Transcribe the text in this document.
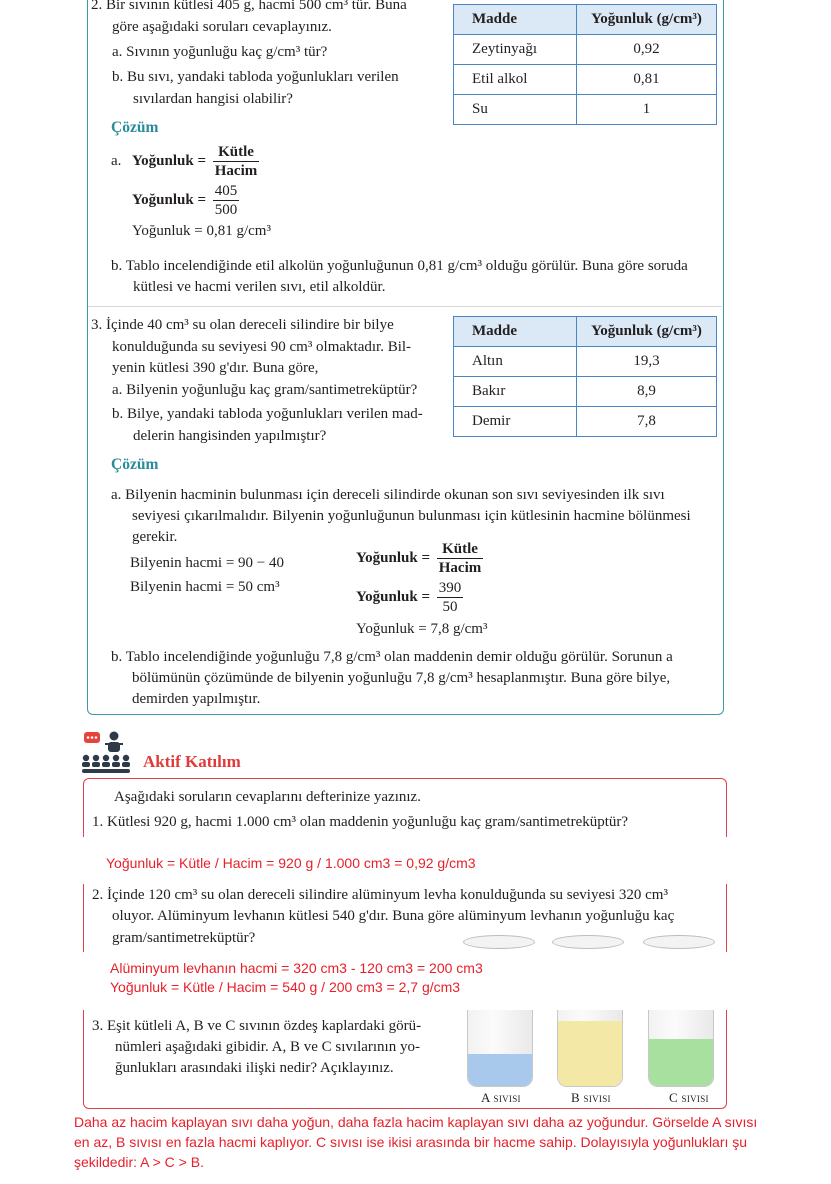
2. Bir sıvının kütlesi 405 g, hacmi 500 cm³ tür. Buna
göre aşağıdaki soruları cevaplayınız.
a. Sıvının yoğunluğu kaç g/cm³ tür?
b. Bu sıvı, yandaki tabloda yoğunlukları verilen
sıvılardan hangisi olabilir?
Çözüm
Madde	Yoğunluk (g/cm³)
Zeytinyağı	0,92
Etil alkol	0,81
Su	1
a. Yoğunluk = $\frac{\text{Kütle}}{\text{Hacim}}$
Yoğunluk = $\frac{405}{500}$
Yoğunluk = 0,81 g/cm³
b. Tablo incelendiğinde etil alkolün yoğunluğunun 0,81 g/cm³ olduğu görülür. Buna göre soruda
kütlesi ve hacmi verilen sıvı, etil alkoldür.
3. İçinde 40 cm³ su olan dereceli silindire bir bilye
konulduğunda su seviyesi 90 cm³ olmaktadır. Bil-
yenin kütlesi 390 g'dır. Buna göre,
a. Bilyenin yoğunluğu kaç gram/santimetreküptür?
b. Bilye, yandaki tabloda yoğunlukları verilen mad-
delerin hangisinden yapılmıştır?
Çözüm
Madde	Yoğunluk (g/cm³)
Altın	19,3
Bakır	8,9
Demir	7,8
a. Bilyenin hacminin bulunması için dereceli silindirde okunan son sıvı seviyesinden ilk sıvı
seviyesi çıkarılmalıdır. Bilyenin yoğunluğunun bulunması için kütlesinin hacmine bölünmesi
gerekir.
Bilyenin hacmi = 90 − 40
Bilyenin hacmi = 50 cm³
Yoğunluk = $\frac{\text{Kütle}}{\text{Hacim}}$
Yoğunluk = $\frac{390}{50}$
Yoğunluk = 7,8 g/cm³
b. Tablo incelendiğinde yoğunluğu 7,8 g/cm³ olan maddenin demir olduğu görülür. Sorunun a
bölümünün çözümünde de bilyenin yoğunluğu 7,8 g/cm³ hesaplanmıştır. Buna göre bilye,
demirden yapılmıştır.
Aktif Katılım
Aşağıdaki soruların cevaplarını defterinize yazınız.
1. Kütlesi 920 g, hacmi 1.000 cm³ olan maddenin yoğunluğu kaç gram/santimetreküptür?
Yoğunluk = Kütle / Hacim = 920 g / 1.000 cm3 = 0,92 g/cm3
2. İçinde 120 cm³ su olan dereceli silindire alüminyum levha konulduğunda su seviyesi 320 cm³
oluyor. Alüminyum levhanın kütlesi 540 g'dır. Buna göre alüminyum levhanın yoğunluğu kaç
gram/santimetreküptür?
Alüminyum levhanın hacmi = 320 cm3 - 120 cm3 = 200 cm3
Yoğunluk = Kütle / Hacim = 540 g / 200 cm3 = 2,7 g/cm3
3. Eşit kütleli A, B ve C sıvının özdeş kaplardaki görü-
nümleri aşağıdaki gibidir. A, B ve C sıvılarının yo-
ğunlukları arasındaki ilişki nedir? Açıklayınız.
A sıvısı	B sıvısı	C sıvısı
Daha az hacim kaplayan sıvı daha yoğun, daha fazla hacim kaplayan sıvı daha az yoğundur. Görselde A sıvısı
en az, B sıvısı en fazla hacmi kaplıyor. C sıvısı ise ikisi arasında bir hacme sahip. Dolayısıyla yoğunlukları şu
şekildedir: A > C > B.
